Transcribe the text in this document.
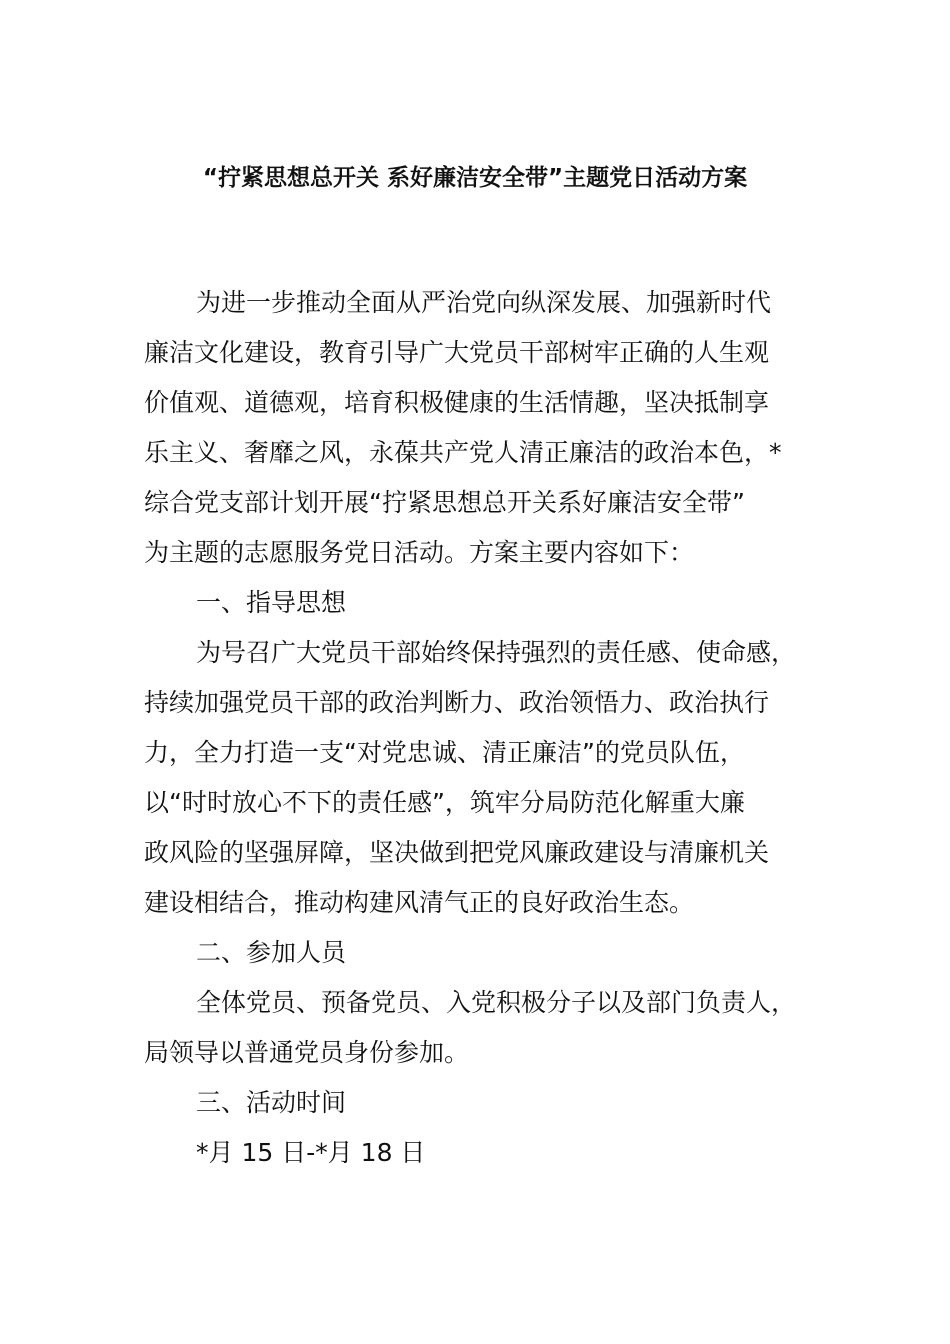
“拧紧思想总开关 系好廉洁安全带”主题党日活动方案
为进一步推动全面从严治党向纵深发展、加强新时代
廉洁文化建设，教育引导广大党员干部树牢正确的人生观
价值观、道德观，培育积极健康的生活情趣，坚决抵制享
乐主义、奢靡之风，永葆共产党人清正廉洁的政治本色，*
综合党支部计划开展“拧紧思想总开关系好廉洁安全带”
为主题的志愿服务党日活动。方案主要内容如下：
一、指导思想
为号召广大党员干部始终保持强烈的责任感、使命感，
持续加强党员干部的政治判断力、政治领悟力、政治执行
力，全力打造一支“对党忠诚、清正廉洁”的党员队伍，
以“时时放心不下的责任感”，筑牢分局防范化解重大廉
政风险的坚强屏障，坚决做到把党风廉政建设与清廉机关
建设相结合，推动构建风清气正的良好政治生态。
二、参加人员
全体党员、预备党员、入党积极分子以及部门负责人，
局领导以普通党员身份参加。
三、活动时间
*月 15 日-*月 18 日
